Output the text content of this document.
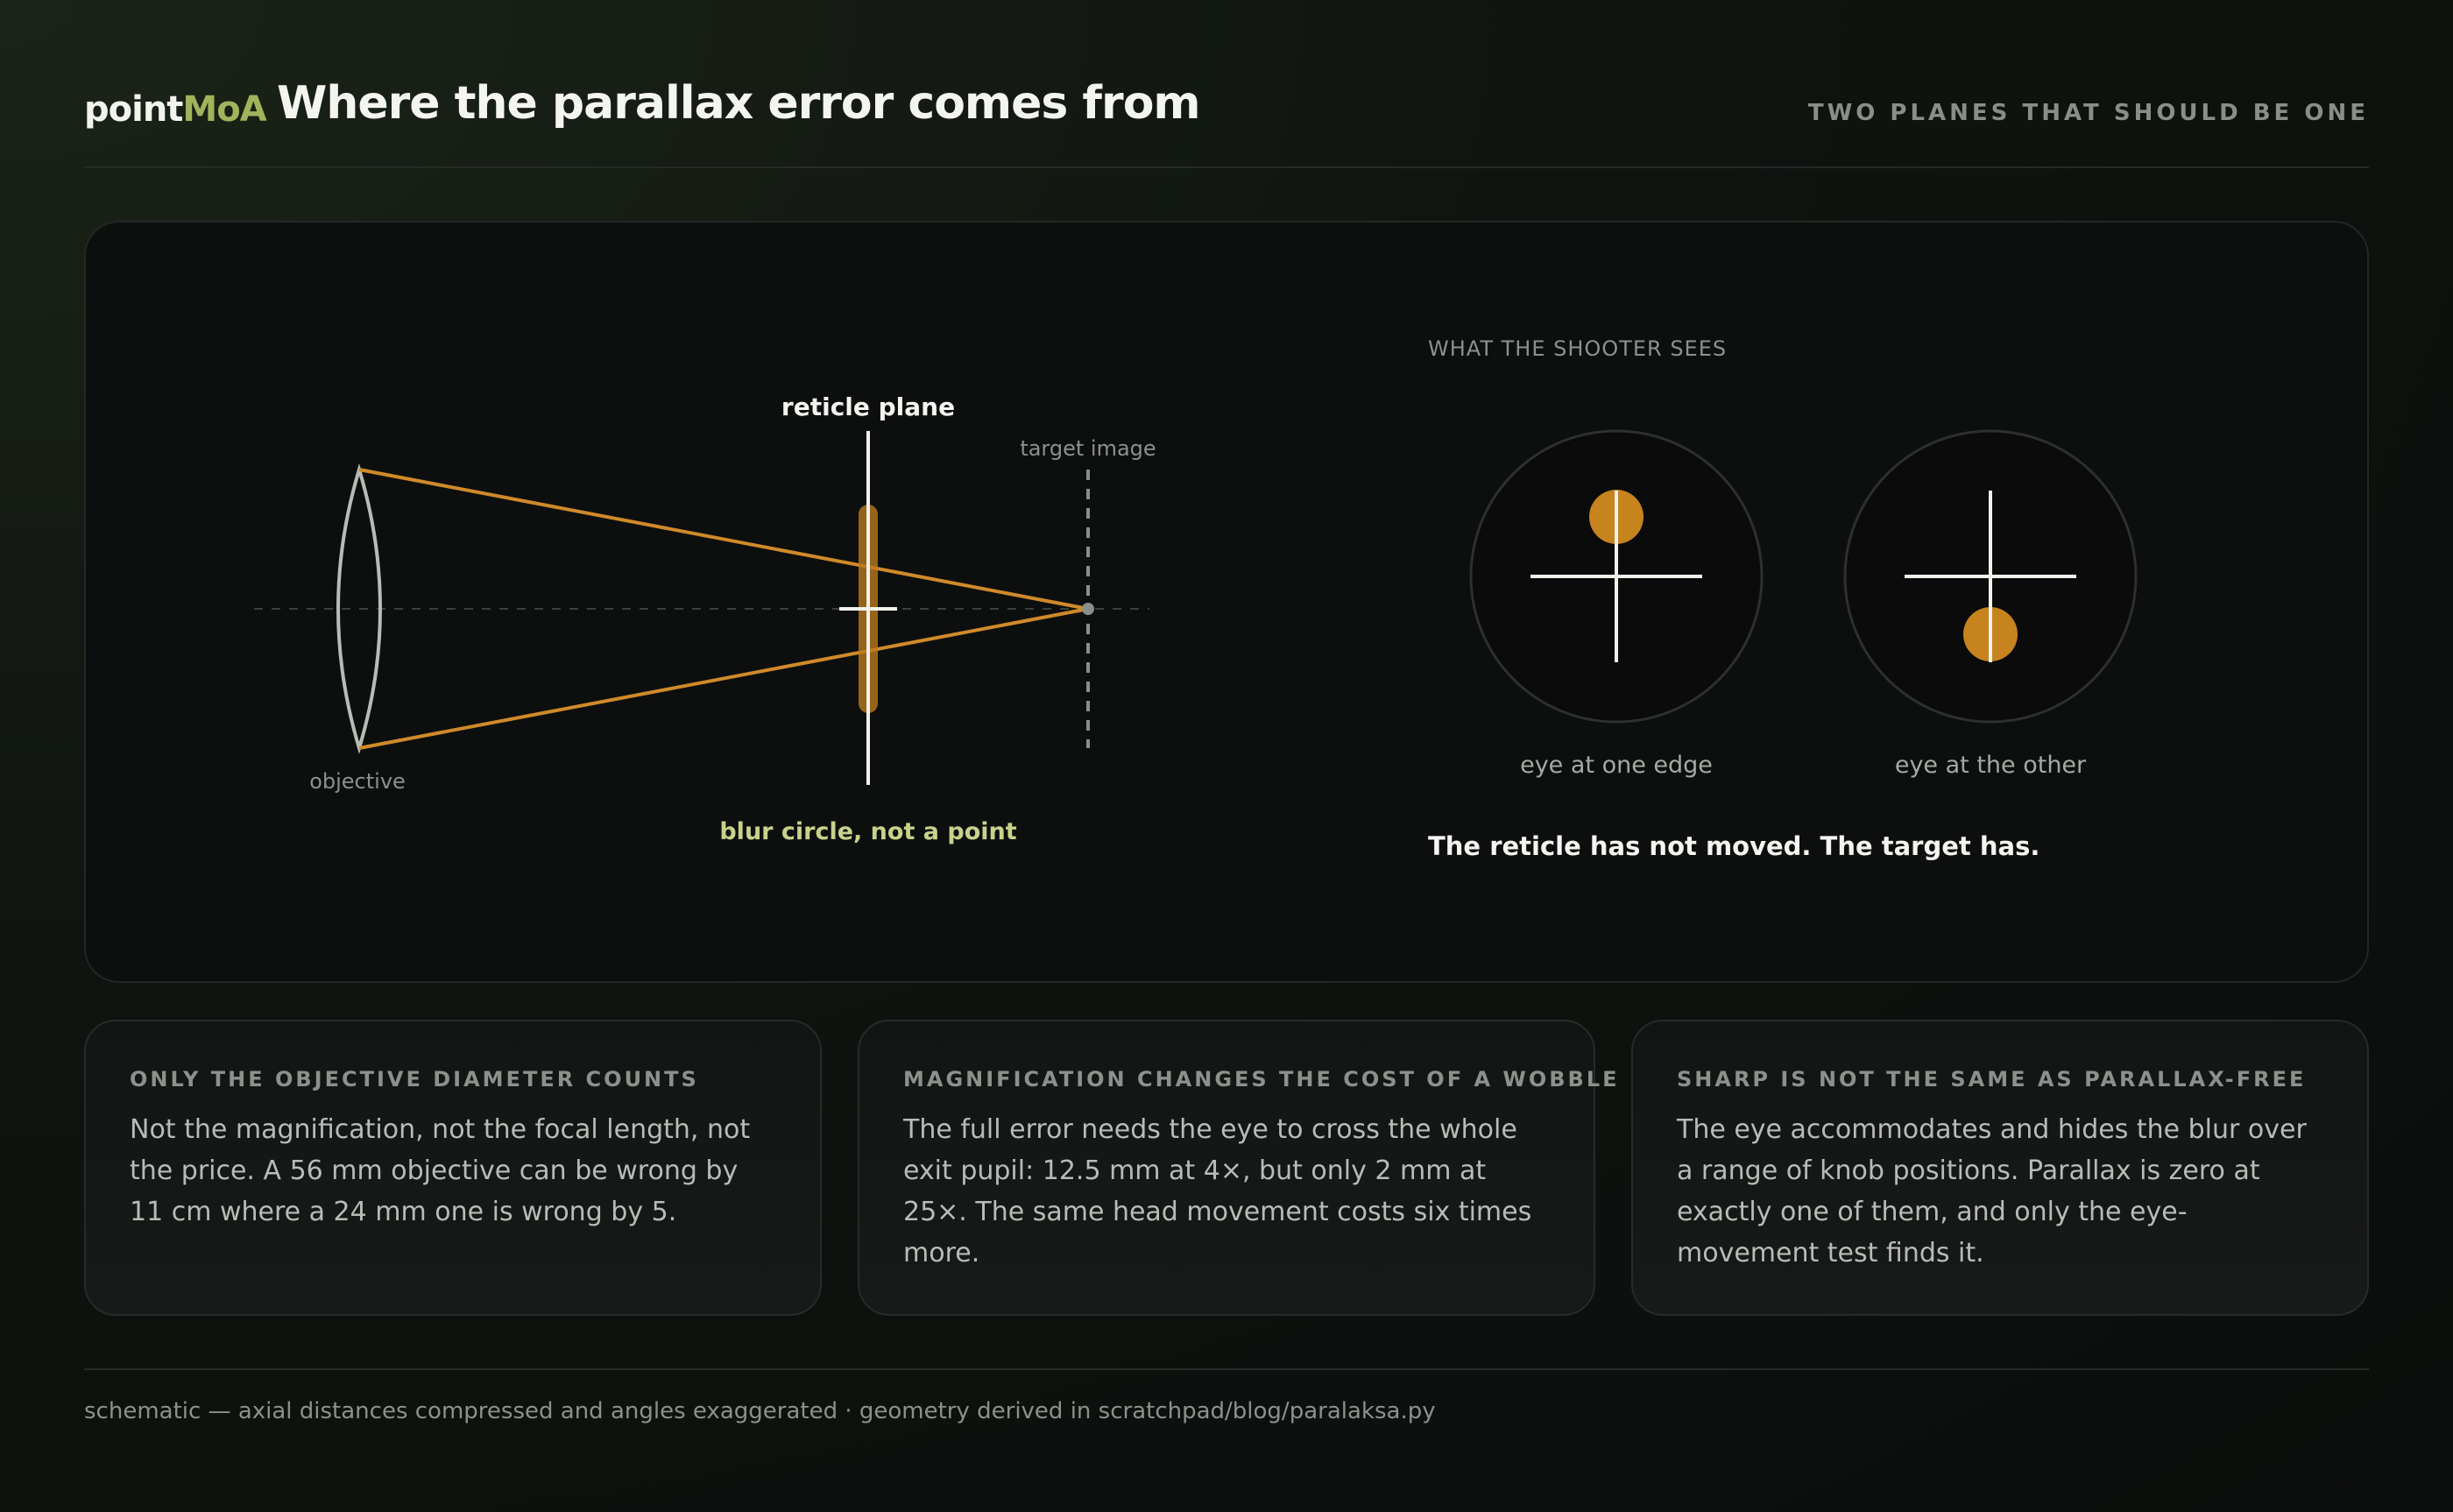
pointMoA Where the parallax error comes from	TWO PLANES THAT SHOULD BE ONE
reticle plane
target image
objective
blur circle, not a point
WHAT THE SHOOTER SEES
eye at one edge	eye at the other
The reticle has not moved. The target has.
ONLY THE OBJECTIVE DIAMETER COUNTS
Not the magnification, not the focal length, not the price. A 56 mm objective can be wrong by 11 cm where a 24 mm one is wrong by 5.
MAGNIFICATION CHANGES THE COST OF A WOBBLE
The full error needs the eye to cross the whole exit pupil: 12.5 mm at 4×, but only 2 mm at 25×. The same head movement costs six times more.
SHARP IS NOT THE SAME AS PARALLAX-FREE
The eye accommodates and hides the blur over a range of knob positions. Parallax is zero at exactly one of them, and only the eye-movement test finds it.
schematic — axial distances compressed and angles exaggerated · geometry derived in scratchpad/blog/paralaksa.py
